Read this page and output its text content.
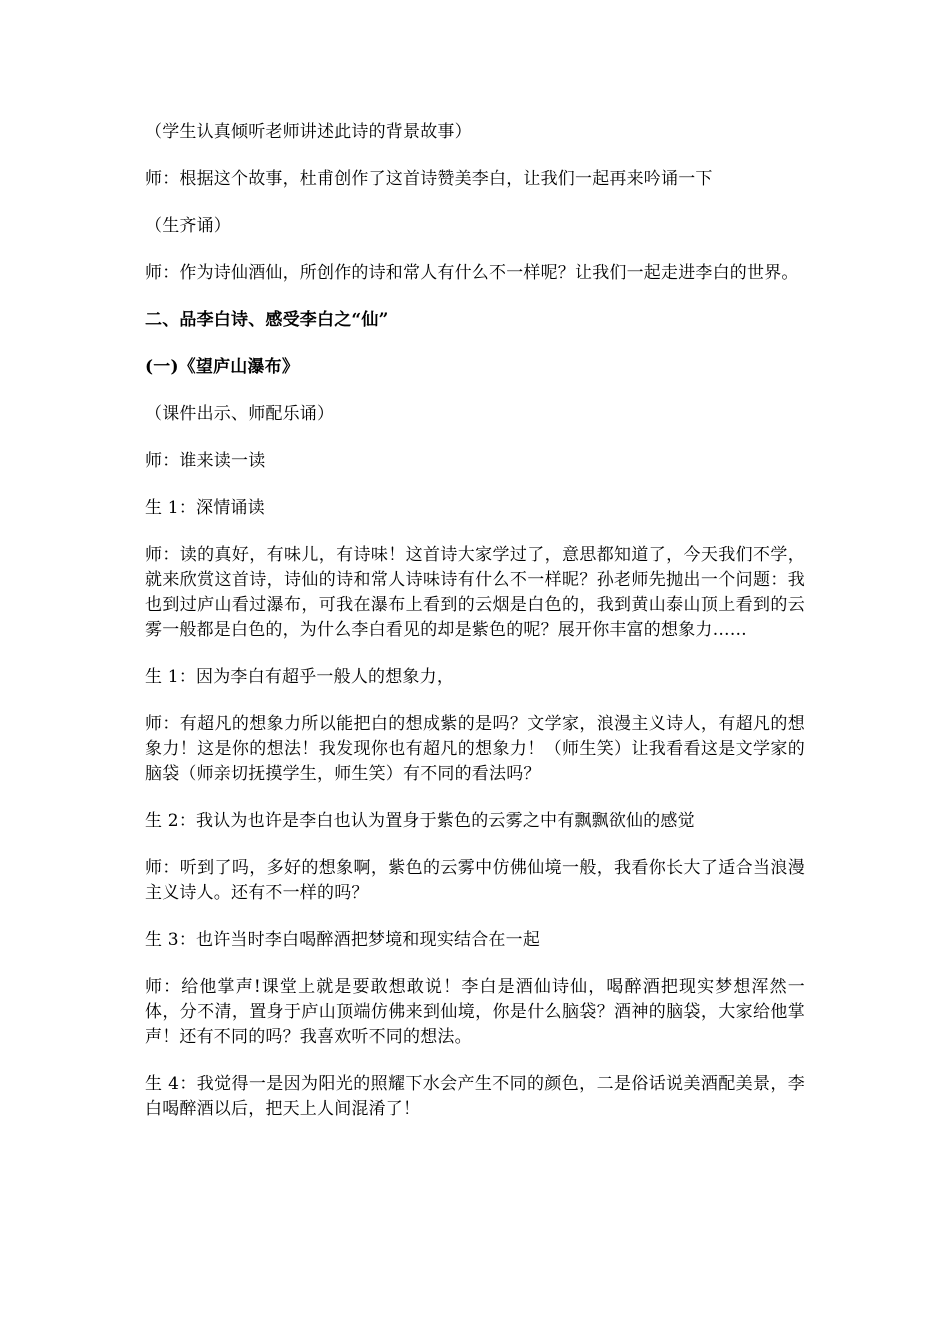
（学生认真倾听老师讲述此诗的背景故事）

师：根据这个故事，杜甫创作了这首诗赞美李白，让我们一起再来吟诵一下

（生齐诵）

师：作为诗仙酒仙，所创作的诗和常人有什么不一样呢？让我们一起走进李白的世界。

二、品李白诗、感受李白之“仙”

(一)《望庐山瀑布》

（课件出示、师配乐诵）

师：谁来读一读

生 1：深情诵读

师：读的真好，有味儿，有诗味！这首诗大家学过了，意思都知道了，今天我们不学，就来欣赏这首诗，诗仙的诗和常人诗味诗有什么不一样昵？孙老师先抛出一个问题：我也到过庐山看过瀑布，可我在瀑布上看到的云烟是白色的，我到黄山泰山顶上看到的云雾一般都是白色的，为什么李白看见的却是紫色的呢？展开你丰富的想象力……

生 1：因为李白有超乎一般人的想象力，

师：有超凡的想象力所以能把白的想成紫的是吗？文学家，浪漫主义诗人，有超凡的想象力！这是你的想法！我发现你也有超凡的想象力！（师生笑）让我看看这是文学家的脑袋（师亲切抚摸学生，师生笑）有不同的看法吗？

生 2：我认为也许是李白也认为置身于紫色的云雾之中有飘飘欲仙的感觉

师：听到了吗，多好的想象啊，紫色的云雾中仿佛仙境一般，我看你长大了适合当浪漫主义诗人。还有不一样的吗？

生 3：也许当时李白喝醉酒把梦境和现实结合在一起

师：给他掌声!课堂上就是要敢想敢说！李白是酒仙诗仙，喝醉酒把现实梦想浑然一体，分不清，置身于庐山顶端仿佛来到仙境，你是什么脑袋？酒神的脑袋，大家给他掌声！还有不同的吗？我喜欢听不同的想法。

生 4：我觉得一是因为阳光的照耀下水会产生不同的颜色，二是俗话说美酒配美景，李白喝醉酒以后，把天上人间混淆了！
